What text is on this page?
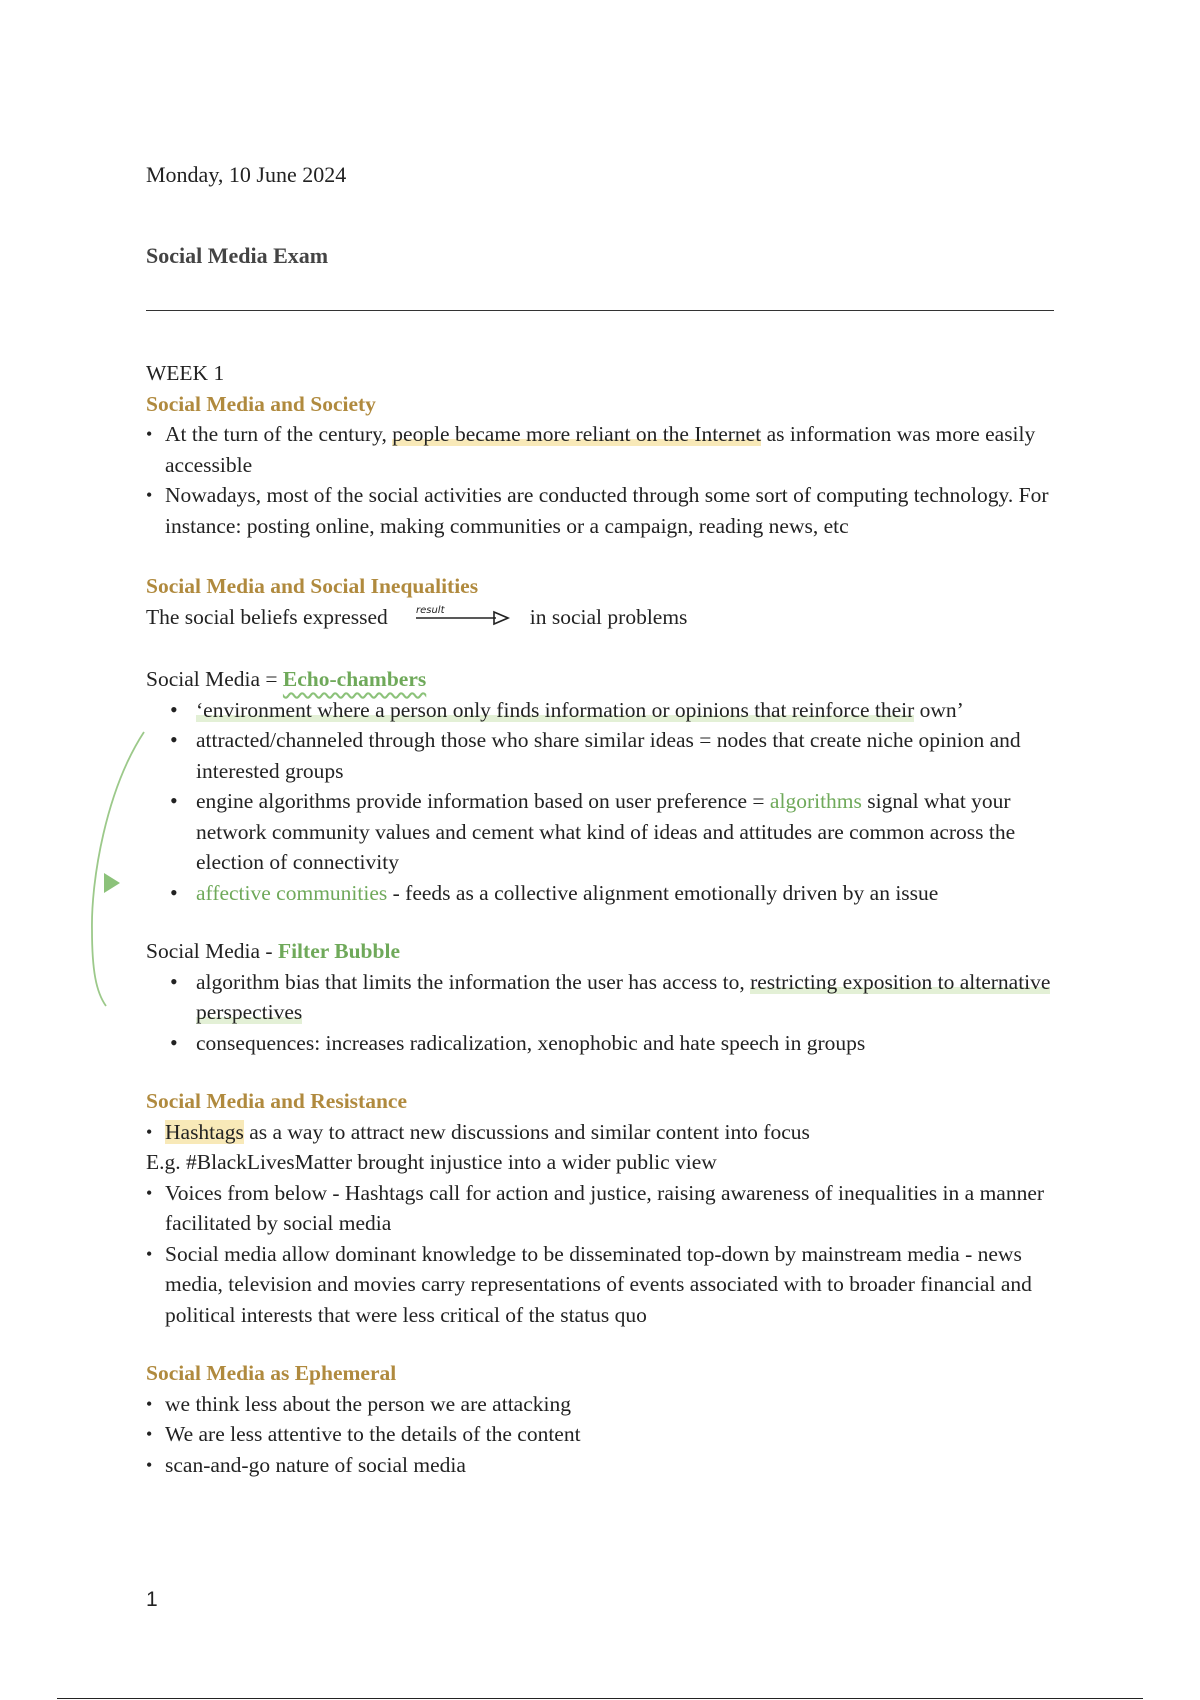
Monday, 10 June 2024
Social Media Exam

WEEK 1

Social Media and Society

• At the turn of the century, people became more reliant on the Internet as information was more easily accessible
• Nowadays, most of the social activities are conducted through some sort of computing technology. For instance: posting online, making communities or a campaign, reading news, etc

Social Media and Social Inequalities

The social beliefs expressed	result	in social problems

Social Media = Echo-chambers

• ‘environment where a person only finds information or opinions that reinforce their own’
• attracted/channeled through those who share similar ideas = nodes that create niche opinion and interested groups
• engine algorithms provide information based on user preference = algorithms signal what your network community values and cement what kind of ideas and attitudes are common across the election of connectivity
• affective communities - feeds as a collective alignment emotionally driven by an issue

Social Media - Filter Bubble

• algorithm bias that limits the information the user has access to, restricting exposition to alternative perspectives
• consequences: increases radicalization, xenophobic and hate speech in groups

Social Media and Resistance

• Hashtags as a way to attract new discussions and similar content into focus

E.g. #BlackLivesMatter brought injustice into a wider public view

• Voices from below - Hashtags call for action and justice, raising awareness of inequalities in a manner facilitated by social media
• Social media allow dominant knowledge to be disseminated top-down by mainstream media - news media, television and movies carry representations of events associated with to broader financial and political interests that were less critical of the status quo

Social Media as Ephemeral

• we think less about the person we are attacking
• We are less attentive to the details of the content
• scan-and-go nature of social media
1
